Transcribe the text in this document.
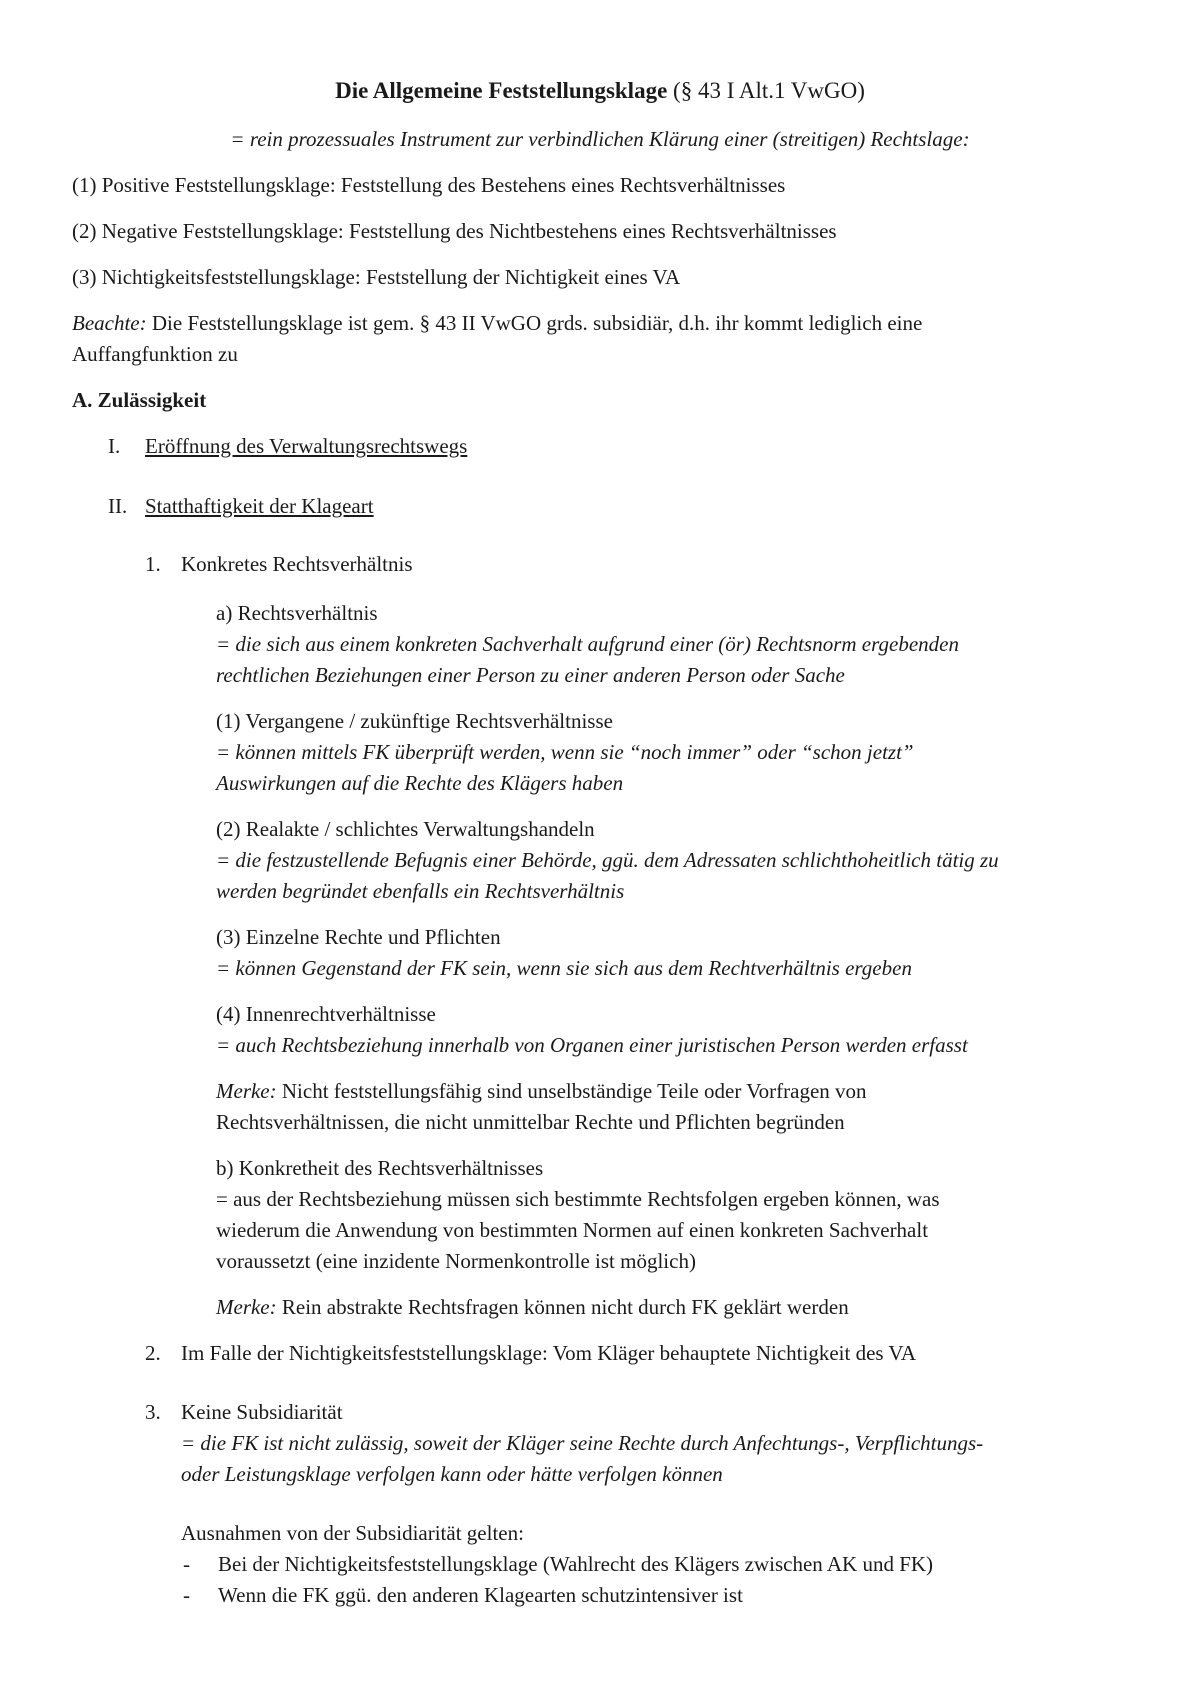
Die Allgemeine Feststellungsklage (§ 43 I Alt.1 VwGO)
= rein prozessuales Instrument zur verbindlichen Klärung einer (streitigen) Rechtslage:
(1) Positive Feststellungsklage: Feststellung des Bestehens eines Rechtsverhältnisses
(2) Negative Feststellungsklage: Feststellung des Nichtbestehens eines Rechtsverhältnisses
(3) Nichtigkeitsfeststellungsklage: Feststellung der Nichtigkeit eines VA
Beachte: Die Feststellungsklage ist gem. § 43 II VwGO grds. subsidiär, d.h. ihr kommt lediglich eine
Auffangfunktion zu
A. Zulässigkeit
I. Eröffnung des Verwaltungsrechtswegs
II. Statthaftigkeit der Klageart
1. Konkretes Rechtsverhältnis
a) Rechtsverhältnis
= die sich aus einem konkreten Sachverhalt aufgrund einer (ör) Rechtsnorm ergebenden
rechtlichen Beziehungen einer Person zu einer anderen Person oder Sache
(1) Vergangene / zukünftige Rechtsverhältnisse
= können mittels FK überprüft werden, wenn sie “noch immer” oder “schon jetzt”
Auswirkungen auf die Rechte des Klägers haben
(2) Realakte / schlichtes Verwaltungshandeln
= die festzustellende Befugnis einer Behörde, ggü. dem Adressaten schlichthoheitlich tätig zu
werden begründet ebenfalls ein Rechtsverhältnis
(3) Einzelne Rechte und Pflichten
= können Gegenstand der FK sein, wenn sie sich aus dem Rechtverhältnis ergeben
(4) Innenrechtverhältnisse
= auch Rechtsbeziehung innerhalb von Organen einer juristischen Person werden erfasst
Merke: Nicht feststellungsfähig sind unselbständige Teile oder Vorfragen von
Rechtsverhältnissen, die nicht unmittelbar Rechte und Pflichten begründen
b) Konkretheit des Rechtsverhältnisses
= aus der Rechtsbeziehung müssen sich bestimmte Rechtsfolgen ergeben können, was
wiederum die Anwendung von bestimmten Normen auf einen konkreten Sachverhalt
voraussetzt (eine inzidente Normenkontrolle ist möglich)
Merke: Rein abstrakte Rechtsfragen können nicht durch FK geklärt werden
2. Im Falle der Nichtigkeitsfeststellungsklage: Vom Kläger behauptete Nichtigkeit des VA
3. Keine Subsidiarität
= die FK ist nicht zulässig, soweit der Kläger seine Rechte durch Anfechtungs-, Verpflichtungs-
oder Leistungsklage verfolgen kann oder hätte verfolgen können
Ausnahmen von der Subsidiarität gelten:
- Bei der Nichtigkeitsfeststellungsklage (Wahlrecht des Klägers zwischen AK und FK)
- Wenn die FK ggü. den anderen Klagearten schutzintensiver ist
